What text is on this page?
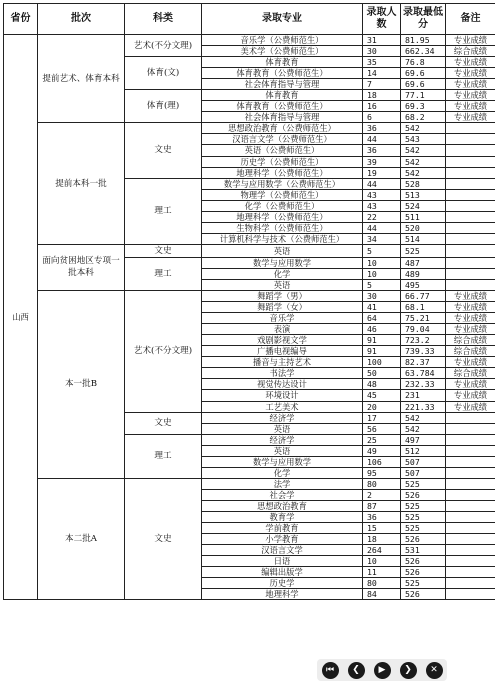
省份	批次	科类	录取专业	录取人数	录取最低分	备注
山西	提前艺术、体育本科	艺术(不分文理)	音乐学（公费师范生）	31	81.95	专业成绩
			美术学（公费师范生）	30	662.34	综合成绩
		体育(文)	体育教育	35	76.8	专业成绩
			体育教育（公费师范生）	14	69.6	专业成绩
			社会体育指导与管理	7	69.6	专业成绩
		体育(理)	体育教育	18	77.1	专业成绩
			体育教育（公费师范生）	16	69.3	专业成绩
			社会体育指导与管理	6	68.2	专业成绩
	提前本科一批	文史	思想政治教育（公费师范生）	36	542	
			汉语言文学（公费师范生）	44	543	
			英语（公费师范生）	36	542	
			历史学（公费师范生）	39	542	
			地理科学（公费师范生）	19	542	
		理工	数学与应用数学（公费师范生）	44	528	
			物理学（公费师范生）	43	513	
			化学（公费师范生）	43	524	
			地理科学（公费师范生）	22	511	
			生物科学（公费师范生）	44	520	
			计算机科学与技术（公费师范生）	34	514	
	面向贫困地区专项一批本科	文史	英语	5	525	
		理工	数学与应用数学	10	487	
			化学	10	489	
			英语	5	495	
	本一批B	艺术(不分文理)	舞蹈学（男）	30	66.77	专业成绩
			舞蹈学（女）	41	68.1	专业成绩
			音乐学	64	75.21	专业成绩
			表演	46	79.04	专业成绩
			戏剧影视文学	91	723.2	综合成绩
			广播电视编导	91	739.33	综合成绩
			播音与主持艺术	100	82.37	专业成绩
			书法学	50	63.784	综合成绩
			视觉传达设计	48	232.33	专业成绩
			环境设计	45	231	专业成绩
			工艺美术	20	221.33	专业成绩
		文史	经济学	17	542	
			英语	56	542	
		理工	经济学	25	497	
			英语	49	512	
			数学与应用数学	106	507	
			化学	95	507	
	本二批A	文史	法学	80	525	
			社会学	2	526	
			思想政治教育	87	525	
			教育学	36	525	
			学前教育	15	525	
			小学教育	18	526	
			汉语言文学	264	531	
			日语	10	526	
			编辑出版学	11	526	
			历史学	80	525	
			地理科学	84	526	
⏮	❮	▶	❯	✕
